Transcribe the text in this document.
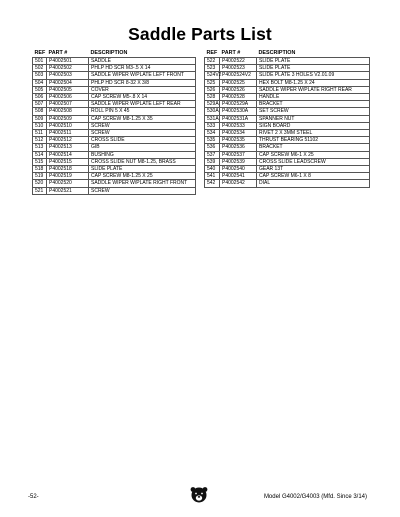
Saddle Parts List
REF	PART #	DESCRIPTION
501	P4002501	SADDLE
502	P4002502	PHLP HD SCR M3-.5 X 14
503	P4002503	SADDLE WIPER W/PLATE LEFT FRONT
504	P4002504	PHLP HD SCR 8-32 X 3/8
505	P4002505	COVER
506	P4002506	CAP SCREW M5-.8 X 14
507	P4002507	SADDLE WIPER W/PLATE LEFT REAR
508	P4002508	ROLL PIN 5 X 45
509	P4002509	CAP SCREW M8-1.25 X 35
510	P4002510	SCREW
511	P4002511	SCREW
512	P4002512	CROSS SLIDE
513	P4002513	GIB
514	P4002514	BUSHING
515	P4002515	CROSS SLIDE NUT M8-1.25, BRASS
518	P4002518	SLIDE PLATE
519	P4002519	CAP SCREW M8-1.25 X 25
520	P4002520	SADDLE WIPER W/PLATE RIGHT FRONT
521	P4002521	SCREW
REF	PART #	DESCRIPTION
522	P4002522	SLIDE PLATE
523	P4002523	SLIDE PLATE
524V2	P4002524V2	SLIDE PLATE 3 HOLES V2.01.09
525	P4002525	HEX BOLT M8-1.25 X 24
526	P4002526	SADDLE WIPER W/PLATE RIGHT REAR
528	P4002528	HANDLE
529A	P4002529A	BRACKET
530A	P4002530A	SET SCREW
531A	P4002531A	SPANNER NUT
533	P4002533	SIGN BOARD
534	P4002534	RIVET 2 X 3MM STEEL
535	P4002535	THRUST BEARING 51102
536	P4002536	BRACKET
537	P4002537	CAP SCREW M6-1 X 25
539	P4002539	CROSS SLIDE LEADSCREW
540	P4002540	GEAR 13T
541	P4002541	CAP SCREW M6-1 X 8
542	P4002542	DIAL
-52-	Model G4002/G4003 (Mfd. Since 3/14)
